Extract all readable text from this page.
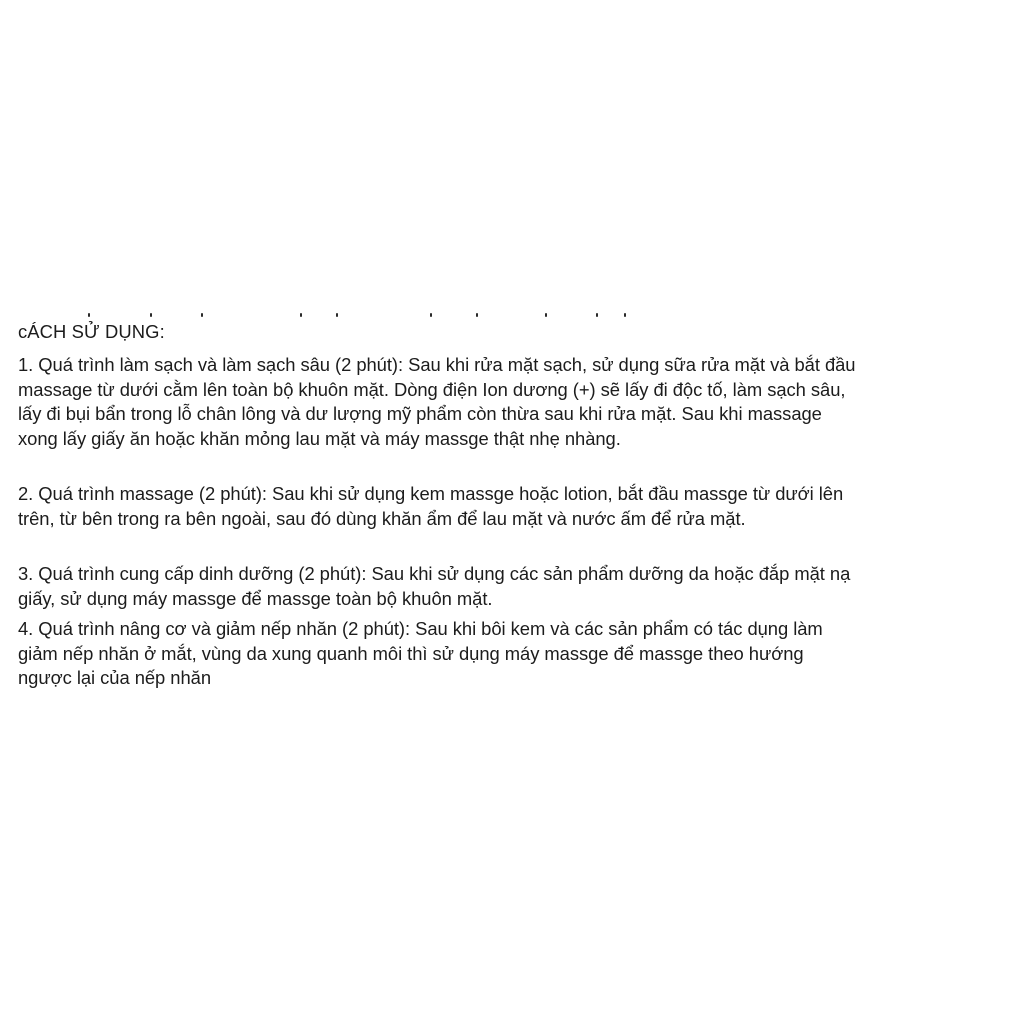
cÁCH SỬ DỤNG:

1. Quá trình làm sạch và làm sạch sâu (2 phút): Sau khi rửa mặt sạch, sử dụng sữa rửa mặt và bắt đầu massage từ dưới cằm lên toàn bộ khuôn mặt. Dòng điện Ion dương (+) sẽ lấy đi độc tố, làm sạch sâu, lấy đi bụi bẩn trong lỗ chân lông và dư lượng mỹ phẩm còn thừa sau khi rửa mặt. Sau khi massage xong lấy giấy ăn hoặc khăn mỏng lau mặt và máy massge thật nhẹ nhàng.

2. Quá trình massage (2 phút): Sau khi sử dụng kem massge hoặc lotion, bắt đầu massge từ dưới lên trên, từ bên trong ra bên ngoài, sau đó dùng khăn ẩm để lau mặt và nước ấm để rửa mặt.

3. Quá trình cung cấp dinh dưỡng (2 phút): Sau khi sử dụng các sản phẩm dưỡng da hoặc đắp mặt nạ giấy, sử dụng máy massge để massge toàn bộ khuôn mặt.

4. Quá trình nâng cơ và giảm nếp nhăn (2 phút): Sau khi bôi kem và các sản phẩm có tác dụng làm giảm nếp nhăn ở mắt, vùng da xung quanh môi thì sử dụng máy massge để massge theo hướng ngược lại của nếp nhăn
